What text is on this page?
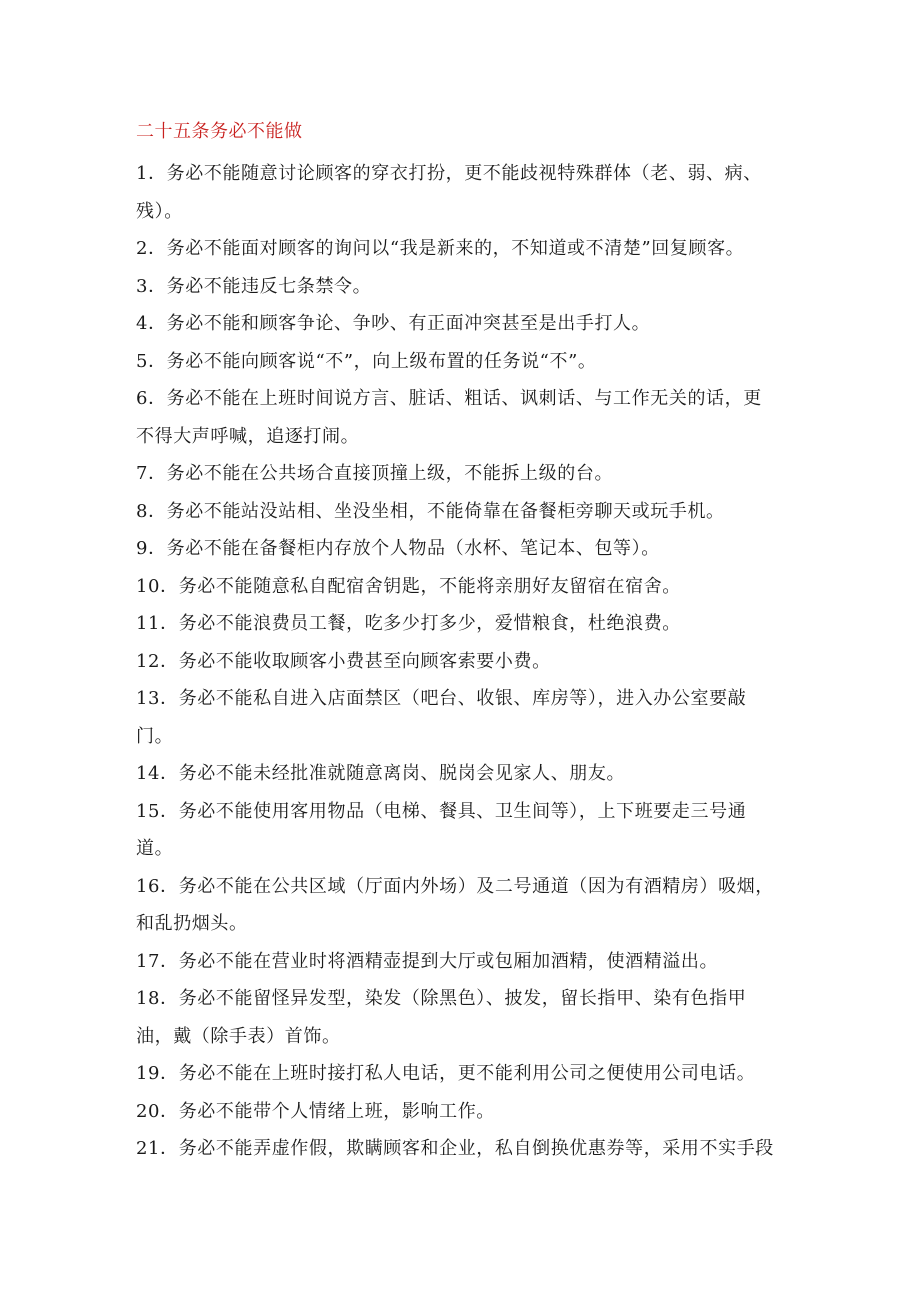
二十五条务必不能做

1．务必不能随意讨论顾客的穿衣打扮，更不能歧视特殊群体（老、弱、病、残）。

2．务必不能面对顾客的询问以“我是新来的，不知道或不清楚”回复顾客。

3．务必不能违反七条禁令。

4．务必不能和顾客争论、争吵、有正面冲突甚至是出手打人。

5．务必不能向顾客说“不”，向上级布置的任务说“不”。

6．务必不能在上班时间说方言、脏话、粗话、讽刺话、与工作无关的话，更不得大声呼喊，追逐打闹。

7．务必不能在公共场合直接顶撞上级，不能拆上级的台。

8．务必不能站没站相、坐没坐相，不能倚靠在备餐柜旁聊天或玩手机。

9．务必不能在备餐柜内存放个人物品（水杯、笔记本、包等）。

10．务必不能随意私自配宿舍钥匙，不能将亲朋好友留宿在宿舍。

11．务必不能浪费员工餐，吃多少打多少，爱惜粮食，杜绝浪费。

12．务必不能收取顾客小费甚至向顾客索要小费。

13．务必不能私自进入店面禁区（吧台、收银、库房等），进入办公室要敲门。

14．务必不能未经批准就随意离岗、脱岗会见家人、朋友。

15．务必不能使用客用物品（电梯、餐具、卫生间等），上下班要走三号通道。

16．务必不能在公共区域（厅面内外场）及二号通道（因为有酒精房）吸烟，和乱扔烟头。

17．务必不能在营业时将酒精壶提到大厅或包厢加酒精，使酒精溢出。

18．务必不能留怪异发型，染发（除黑色）、披发，留长指甲、染有色指甲油，戴（除手表）首饰。

19．务必不能在上班时接打私人电话，更不能利用公司之便使用公司电话。

20．务必不能带个人情绪上班，影响工作。

21．务必不能弄虚作假，欺瞒顾客和企业，私自倒换优惠券等，采用不实手段
